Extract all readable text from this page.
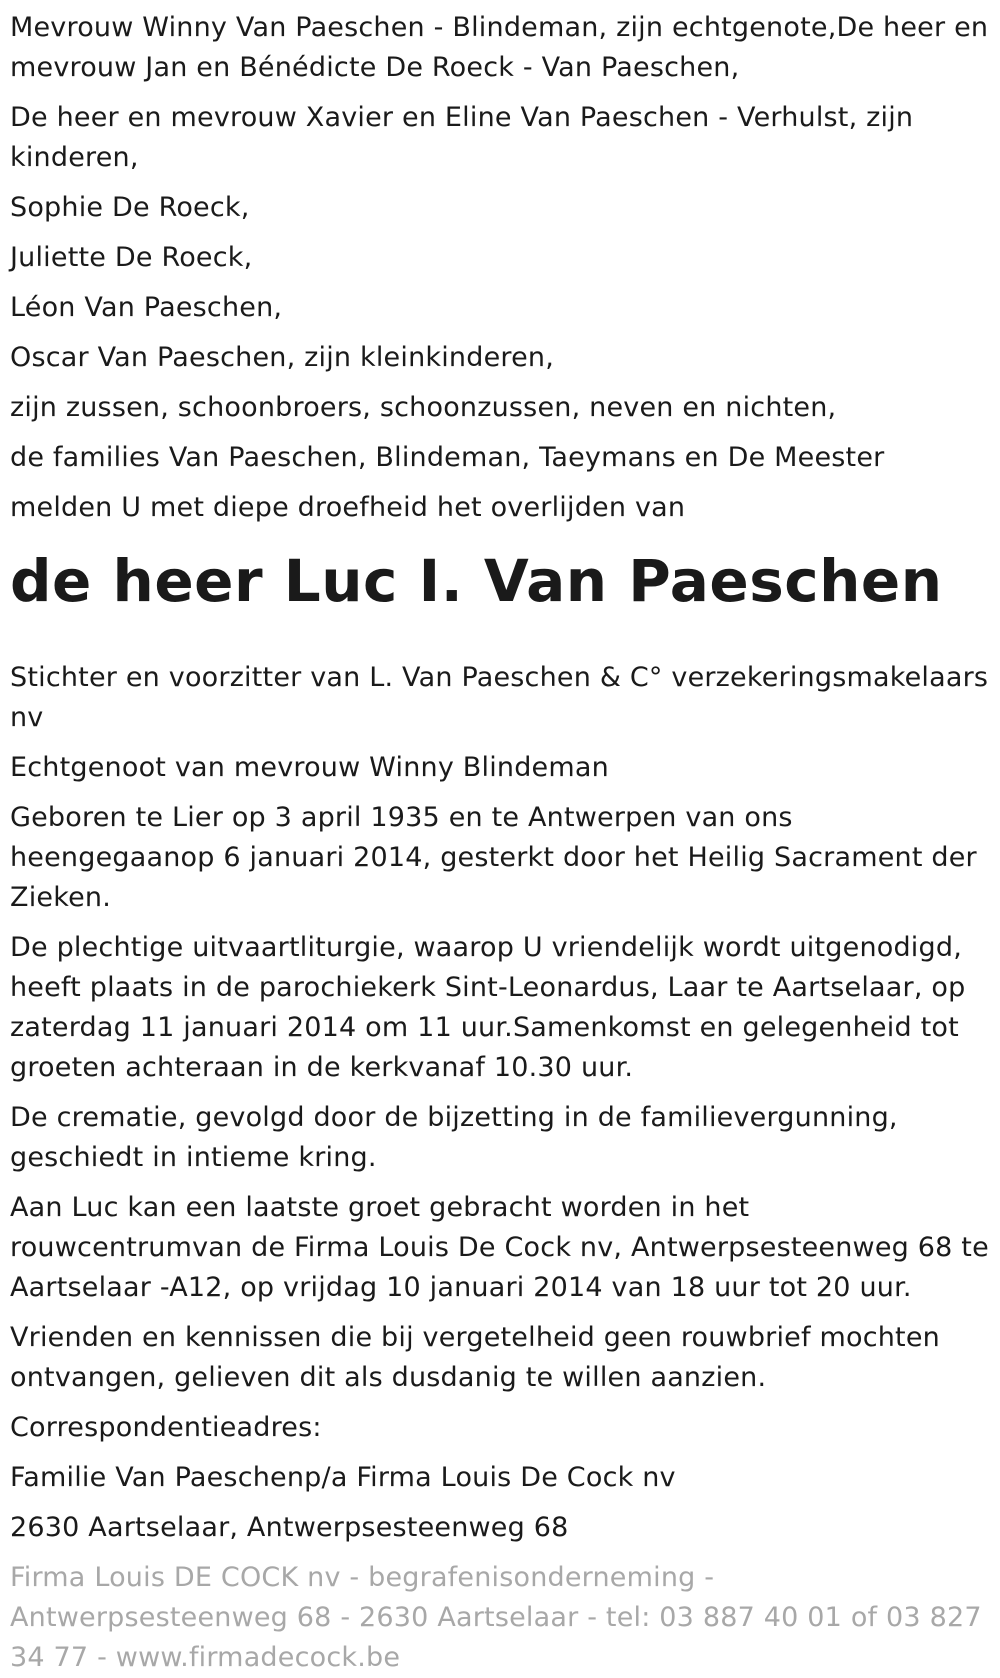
Mevrouw Winny Van Paeschen - Blindeman, zijn echtgenote,De heer en mevrouw Jan en Bénédicte De Roeck - Van Paeschen,

De heer en mevrouw Xavier en Eline Van Paeschen - Verhulst, zijn kinderen,

Sophie De Roeck,

Juliette De Roeck,

Léon Van Paeschen,

Oscar Van Paeschen, zijn kleinkinderen,

zijn zussen, schoonbroers, schoonzussen, neven en nichten,

de families Van Paeschen, Blindeman, Taeymans en De Meester

melden U met diepe droefheid het overlijden van

de heer Luc I. Van Paeschen

Stichter en voorzitter van L. Van Paeschen & C° verzekeringsmakelaars nv

Echtgenoot van mevrouw Winny Blindeman

Geboren te Lier op 3 april 1935 en te Antwerpen van ons heengegaanop 6 januari 2014, gesterkt door het Heilig Sacrament der Zieken.

De plechtige uitvaartliturgie, waarop U vriendelijk wordt uitgenodigd, heeft plaats in de parochiekerk Sint-Leonardus, Laar te Aartselaar, op zaterdag 11 januari 2014 om 11 uur.Samenkomst en gelegenheid tot groeten achteraan in de kerkvanaf 10.30 uur.

De crematie, gevolgd door de bijzetting in de familievergunning, geschiedt in intieme kring.

Aan Luc kan een laatste groet gebracht worden in het rouwcentrumvan de Firma Louis De Cock nv, Antwerpsesteenweg 68 te Aartselaar -A12, op vrijdag 10 januari 2014 van 18 uur tot 20 uur.

Vrienden en kennissen die bij vergetelheid geen rouwbrief mochten ontvangen, gelieven dit als dusdanig te willen aanzien.

Correspondentieadres:

Familie Van Paeschenp/a Firma Louis De Cock nv

2630 Aartselaar, Antwerpsesteenweg 68

Firma Louis DE COCK nv - begrafenisonderneming - Antwerpsesteenweg 68 - 2630 Aartselaar - tel: 03 887 40 01 of 03 827 34 77 - www.firmadecock.be
